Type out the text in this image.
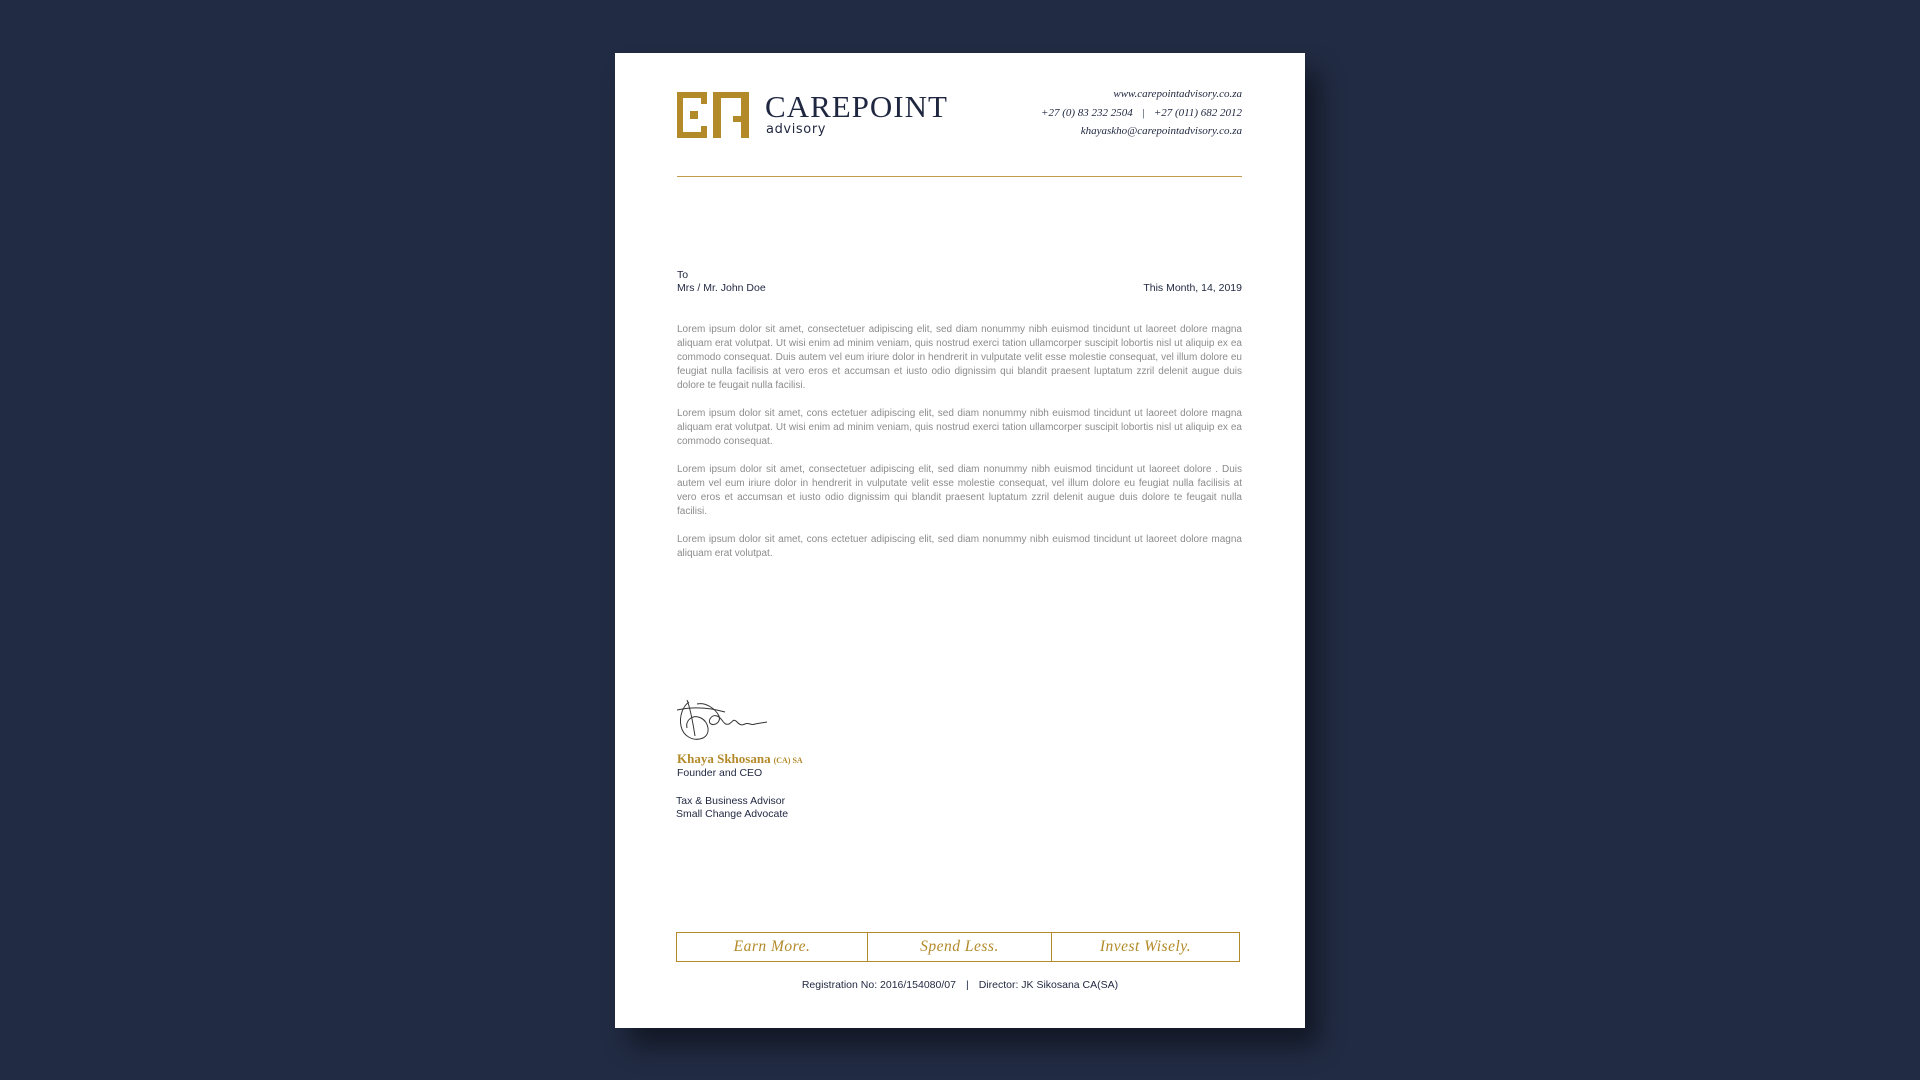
CAREPOINT
advisory
www.carepointadvisory.co.za
+27 (0) 83 232 2504 | +27 (011) 682 2012
khayaskho@carepointadvisory.co.za
To
Mrs / Mr. John Doe	This Month, 14, 2019

Lorem ipsum dolor sit amet, consectetuer adipiscing elit, sed diam nonummy nibh euismod tincidunt ut laoreet dolore magna aliquam erat volutpat. Ut wisi enim ad minim veniam, quis nostrud exerci tation ullamcorper suscipit lobortis nisl ut aliquip ex ea commodo consequat. Duis autem vel eum iriure dolor in hendrerit in vulputate velit esse molestie consequat, vel illum dolore eu feugiat nulla facilisis at vero eros et accumsan et iusto odio dignissim qui blandit praesent luptatum zzril delenit augue duis dolore te feugait nulla facilisi.

Lorem ipsum dolor sit amet, cons ectetuer adipiscing elit, sed diam nonummy nibh euismod tincidunt ut laoreet dolore magna aliquam erat volutpat. Ut wisi enim ad minim veniam, quis nostrud exerci tation ullamcorper suscipit lobortis nisl ut aliquip ex ea commodo consequat.

Lorem ipsum dolor sit amet, consectetuer adipiscing elit, sed diam nonummy nibh euismod tincidunt ut laoreet dolore . Duis autem vel eum iriure dolor in hendrerit in vulputate velit esse molestie consequat, vel illum dolore eu feugiat nulla facilisis at vero eros et accumsan et iusto odio dignissim qui blandit praesent luptatum zzril delenit augue duis dolore te feugait nulla facilisi.

Lorem ipsum dolor sit amet, cons ectetuer adipiscing elit, sed diam nonummy nibh euismod tincidunt ut laoreet dolore magna aliquam erat volutpat.

Khaya Skhosana (CA) SA
Founder and CEO
Tax & Business Advisor
Small Change Advocate
Earn More.	Spend Less.	Invest Wisely.
Registration No: 2016/154080/07 | Director: JK Sikosana CA(SA)
